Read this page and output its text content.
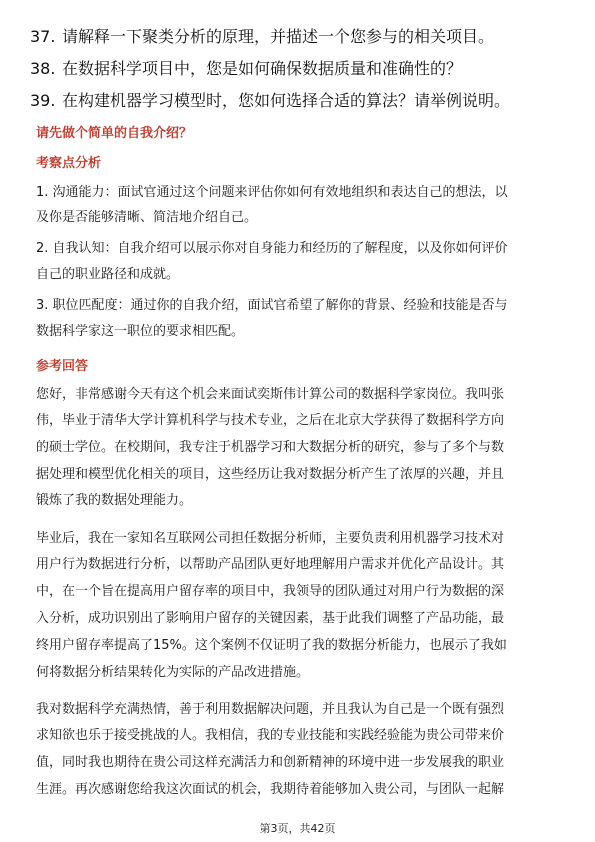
37. 请解释一下聚类分析的原理，并描述一个您参与的相关项目。
38. 在数据科学项目中，您是如何确保数据质量和准确性的？
39. 在构建机器学习模型时，您如何选择合适的算法？请举例说明。
请先做个简单的自我介绍？
考察点分析
1. 沟通能力：面试官通过这个问题来评估你如何有效地组织和表达自己的想法，以
及你是否能够清晰、简洁地介绍自己。
2. 自我认知：自我介绍可以展示你对自身能力和经历的了解程度，以及你如何评价
自己的职业路径和成就。
3. 职位匹配度：通过你的自我介绍，面试官希望了解你的背景、经验和技能是否与
数据科学家这一职位的要求相匹配。
参考回答
您好，非常感谢今天有这个机会来面试奕斯伟计算公司的数据科学家岗位。我叫张
伟，毕业于清华大学计算机科学与技术专业，之后在北京大学获得了数据科学方向
的硕士学位。在校期间，我专注于机器学习和大数据分析的研究，参与了多个与数
据处理和模型优化相关的项目，这些经历让我对数据分析产生了浓厚的兴趣，并且
锻炼了我的数据处理能力。
毕业后，我在一家知名互联网公司担任数据分析师，主要负责利用机器学习技术对
用户行为数据进行分析，以帮助产品团队更好地理解用户需求并优化产品设计。其
中，在一个旨在提高用户留存率的项目中，我领导的团队通过对用户行为数据的深
入分析，成功识别出了影响用户留存的关键因素，基于此我们调整了产品功能，最
终用户留存率提高了15%。这个案例不仅证明了我的数据分析能力，也展示了我如
何将数据分析结果转化为实际的产品改进措施。
我对数据科学充满热情，善于利用数据解决问题，并且我认为自己是一个既有强烈
求知欲也乐于接受挑战的人。我相信，我的专业技能和实践经验能为贵公司带来价
值，同时我也期待在贵公司这样充满活力和创新精神的环境中进一步发展我的职业
生涯。再次感谢您给我这次面试的机会，我期待着能够加入贵公司，与团队一起解
第3页，共42页
